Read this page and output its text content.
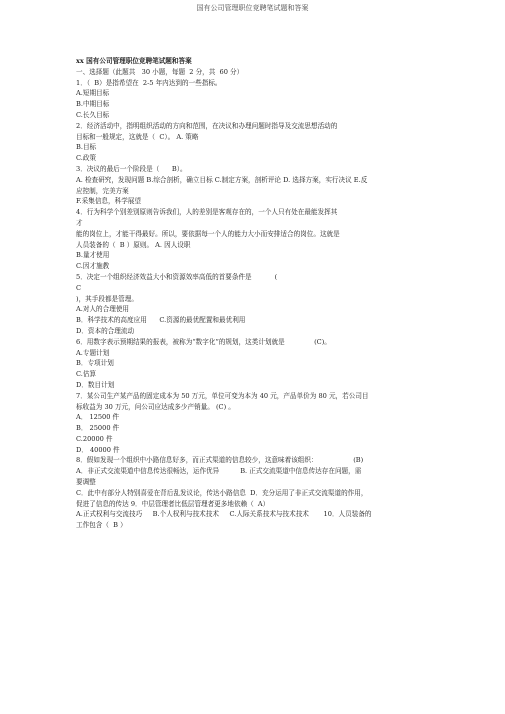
国有公司管理职位竞聘笔试题和答案
xx 国有公司管理职位竞聘笔试题和答案
一、选择题（此题共   30 小题，每题  2 分，共  60 分）
1．（  B）是指希望在  2-5 年内达到的一些指标。
A.短期目标
B.中期目标
C.长久目标
2．经济活动中，指明组织活动的方向和范围，在决议和办理问题时指导及交流思想活动的
目标和一般规定，这就是（  C）。 A. 策略
B.目标
C.政策
3．决议的最后一个阶段是（      B）。
A. 检查研究，发现问题 B.综合剖析，确立目标 C.制定方案，剖析评论 D. 选择方案，实行决议 E.反
应控制，完美方案
F.采集信息，科学展望
4．行为科学个别差别原则告诉我们，人的差别是客观存在的，一个人只有处在最能发挥其
才
能的岗位上，才能干得最好。所以，要依据每一个人的能力大小而安排适合的岗位。这就是
人员装备的（  B ）原则。 A. 因人设职
B.量才使用
C.因才施教
5．决定一个组织经济效益大小和资源效率高低的首要条件是           (
C
)，其手段都是管理。
A.对人的合理使用
B．科学技术的高度应用      C.资源的最优配置和最优利用
D．资本的合理流动
6．用数字表示预期结果的报表，被称为“数字化”的规划，这类计划就是              (C)。
A.专题计划
B．专项计划
C.估算
D．数目计划
7．某公司生产某产品的固定成本为 50 万元，单位可变为本为 40 元，产品单价为 80 元，若公司目
标收益为 30 万元，问公司应达成多少产销量。 (C) 。
A． 12500 件
B． 25000 件
C.20000 件
D． 40000 件
8．假如发现一个组织中小路信息好多，而正式渠道的信息较少，这意味着该组织：                 (B)
A．非正式交流渠道中信息传达很畅达，运作优异          B. 正式交流渠道中信息传达存在问题，需
要调整
C．此中有部分人特别喜爱在背后乱发议论，传达小路信息  D．充分运用了非正式交流渠道的作用，
促进了信息的传达 9．中层管理者比低层管理者更多地依赖（  A）
A.正式权利与交流技巧     B.个人权利与技术技术     C.人际关系技术与技术技术       10．人员装备的
工作包含（  B ）
